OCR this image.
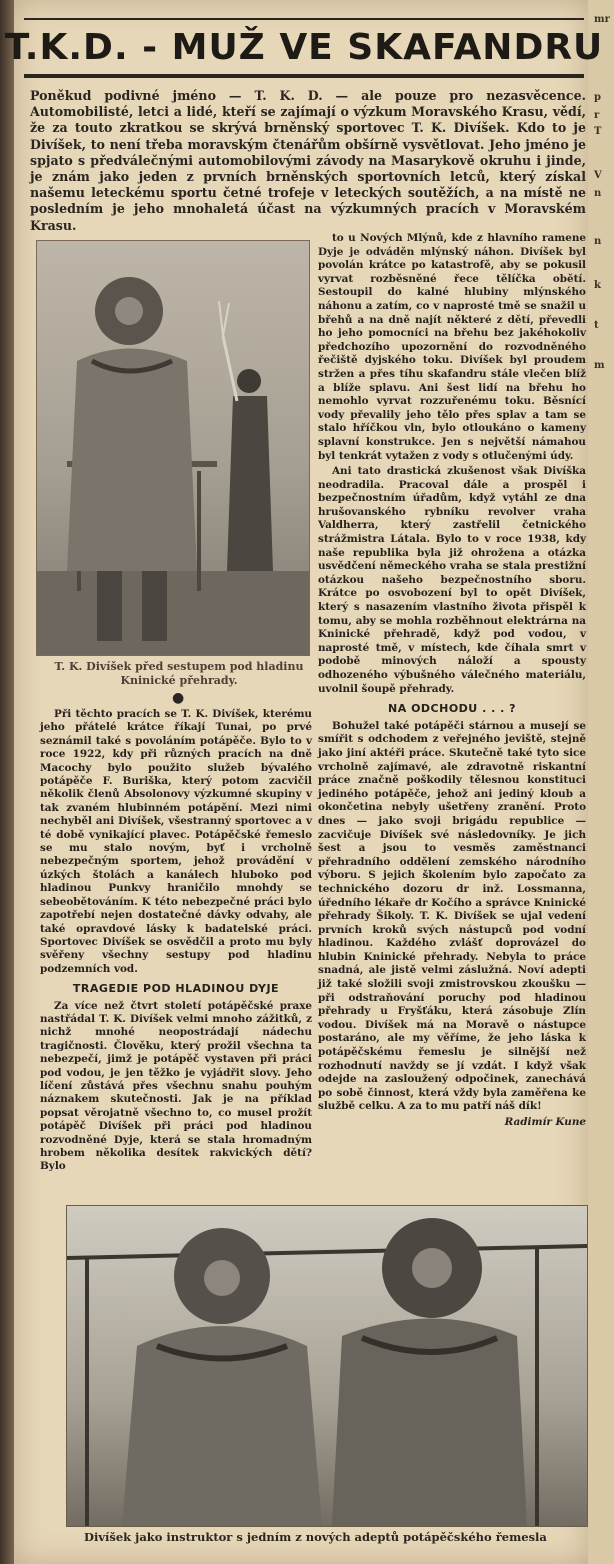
mr
p
r
T
V
n
n
k
t
m
T.K.D. - MUŽ VE SKAFANDRU

Poněkud podivné jméno — T. K. D. — ale pouze pro nezasvěcence. Automobilisté, letci a lidé, kteří se zajímají o výzkum Moravského Krasu, vědí, že za touto zkratkou se skrývá brněnský sportovec T. K. Divíšek. Kdo to je Divíšek, to není třeba moravským čtenářům obšírně vysvětlovat. Jeho jméno je spjato s předválečnými automobilovými závody na Masarykově okruhu i jinde, je znám jako jeden z prvních brněnských sportovních letců, který získal našemu leteckému sportu četné trofeje v leteckých soutěžích, a na místě ne posledním je jeho mnohaletá účast na výzkumných pracích v Moravském Krasu.

T. K. Divíšek před sestupem pod hladinu Kninické přehrady.
●

Při těchto pracích se T. K. Divíšek, kterému jeho přátelé krátce říkají Tunai, po prvé seznámil také s povoláním potápěče. Bylo to v roce 1922, kdy při různých pracích na dně Macochy bylo použito služeb bývalého potápěče F. Buriška, který potom zacvičil několik členů Absolonovy výzkumné skupiny v tak zvaném hlubinném potápění. Mezi nimi nechyběl ani Divíšek, všestranný sportovec a v té době vynikající plavec. Potápěčské řemeslo se mu stalo novým, byť i vrcholně nebezpečným sportem, jehož provádění v úzkých štolách a kanálech hluboko pod hladinou Punkvy hraničilo mnohdy se sebeobětováním. K této nebezpečné práci bylo zapotřebí nejen dostatečné dávky odvahy, ale také opravdové lásky k badatelské práci. Sportovec Divíšek se osvědčil a proto mu byly svěřeny všechny sestupy pod hladinu podzemních vod.

TRAGEDIE POD HLADINOU DYJE

Za více než čtvrt století potápěčské praxe nastřádal T. K. Divíšek velmi mnoho zážitků, z nichž mnohé neopostrádají nádechu tragičnosti. Člověku, který prožil všechna ta nebezpečí, jimž je potápěč vystaven při práci pod vodou, je jen těžko je vyjádřit slovy. Jeho líčení zůstává přes všechnu snahu pouhým náznakem skutečnosti. Jak je na příklad popsat věrojatně všechno to, co musel prožít potápěč Divíšek při práci pod hladinou rozvodněné Dyje, která se stala hromadným hrobem několika desítek rakvických dětí? Bylo

to u Nových Mlýnů, kde z hlavního ramene Dyje je odváděn mlýnský náhon. Divíšek byl povolán krátce po katastrofě, aby se pokusil vyrvat rozběsněné řece tělíčka obětí. Sestoupil do kalné hlubiny mlýnského náhonu a zatím, co v naprosté tmě se snažil u břehů a na dně najít některé z dětí, převedli ho jeho pomocníci na břehu bez jakéhokoliv předchozího upozornění do rozvodněného řečiště dyjského toku. Divíšek byl proudem stržen a přes tíhu skafandru stále vlečen blíž a blíže splavu. Ani šest lidí na břehu ho nemohlo vyrvat rozzuřenému toku. Běsnící vody převalily jeho tělo přes splav a tam se stalo hříčkou vln, bylo otloukáno o kameny splavní konstrukce. Jen s největší námahou byl tenkrát vytažen z vody s otlučenými údy.

Ani tato drastická zkušenost však Divíška neodradila. Pracoval dále a prospěl i bezpečnostním úřadům, když vytáhl ze dna hrušovanského rybníku revolver vraha Valdherra, který zastřelil četnického strážmistra Látala. Bylo to v roce 1938, kdy naše republika byla již ohrožena a otázka usvědčení německého vraha se stala prestižní otázkou našeho bezpečnostního sboru. Krátce po osvobození byl to opět Divíšek, který s nasazením vlastního života přispěl k tomu, aby se mohla rozběhnout elektrárna na Kninické přehradě, když pod vodou, v naprosté tmě, v místech, kde číhala smrt v podobě minových náloží a spousty odhozeného výbušného válečného materiálu, uvolnil šoupě přehrady.

NA ODCHODU . . . ?

Bohužel také potápěči stárnou a musejí se smířit s odchodem z veřejného jeviště, stejně jako jiní aktéři práce. Skutečně také tyto sice vrcholně zajímavé, ale zdravotně riskantní práce značně poškodily tělesnou konstituci jediného potápěče, jehož ani jediný kloub a okončetina nebyly ušetřeny zranění. Proto dnes — jako svoji brigádu republice — zacvičuje Divíšek své následovníky. Je jich šest a jsou to vesměs zaměstnanci přehradního oddělení zemského národního výboru. S jejich školením bylo započato za technického dozoru dr inž. Lossmanna, úředního lékaře dr Kočího a správce Kninické přehrady Šikoly. T. K. Divíšek se ujal vedení prvních kroků svých nástupců pod vodní hladinou. Každého zvlášť doprovázel do hlubin Kninické přehrady. Nebyla to práce snadná, ale jistě velmi záslužná. Noví adepti již také složili svoji zmistrovskou zkoušku — při odstraňování poruchy pod hladinou přehrady u Fryšťáku, která zásobuje Zlín vodou. Divíšek má na Moravě o nástupce postaráno, ale my věříme, že jeho láska k potápěčskému řemeslu je silnější než rozhodnutí navždy se jí vzdát. I když však odejde na zasloužený odpočinek, zanechává po sobě činnost, která vždy byla zaměřena ke službě celku. A za to mu patří náš dík!

Radimír Kune
Divíšek jako instruktor s jedním z nových adeptů potápěčského řemesla
